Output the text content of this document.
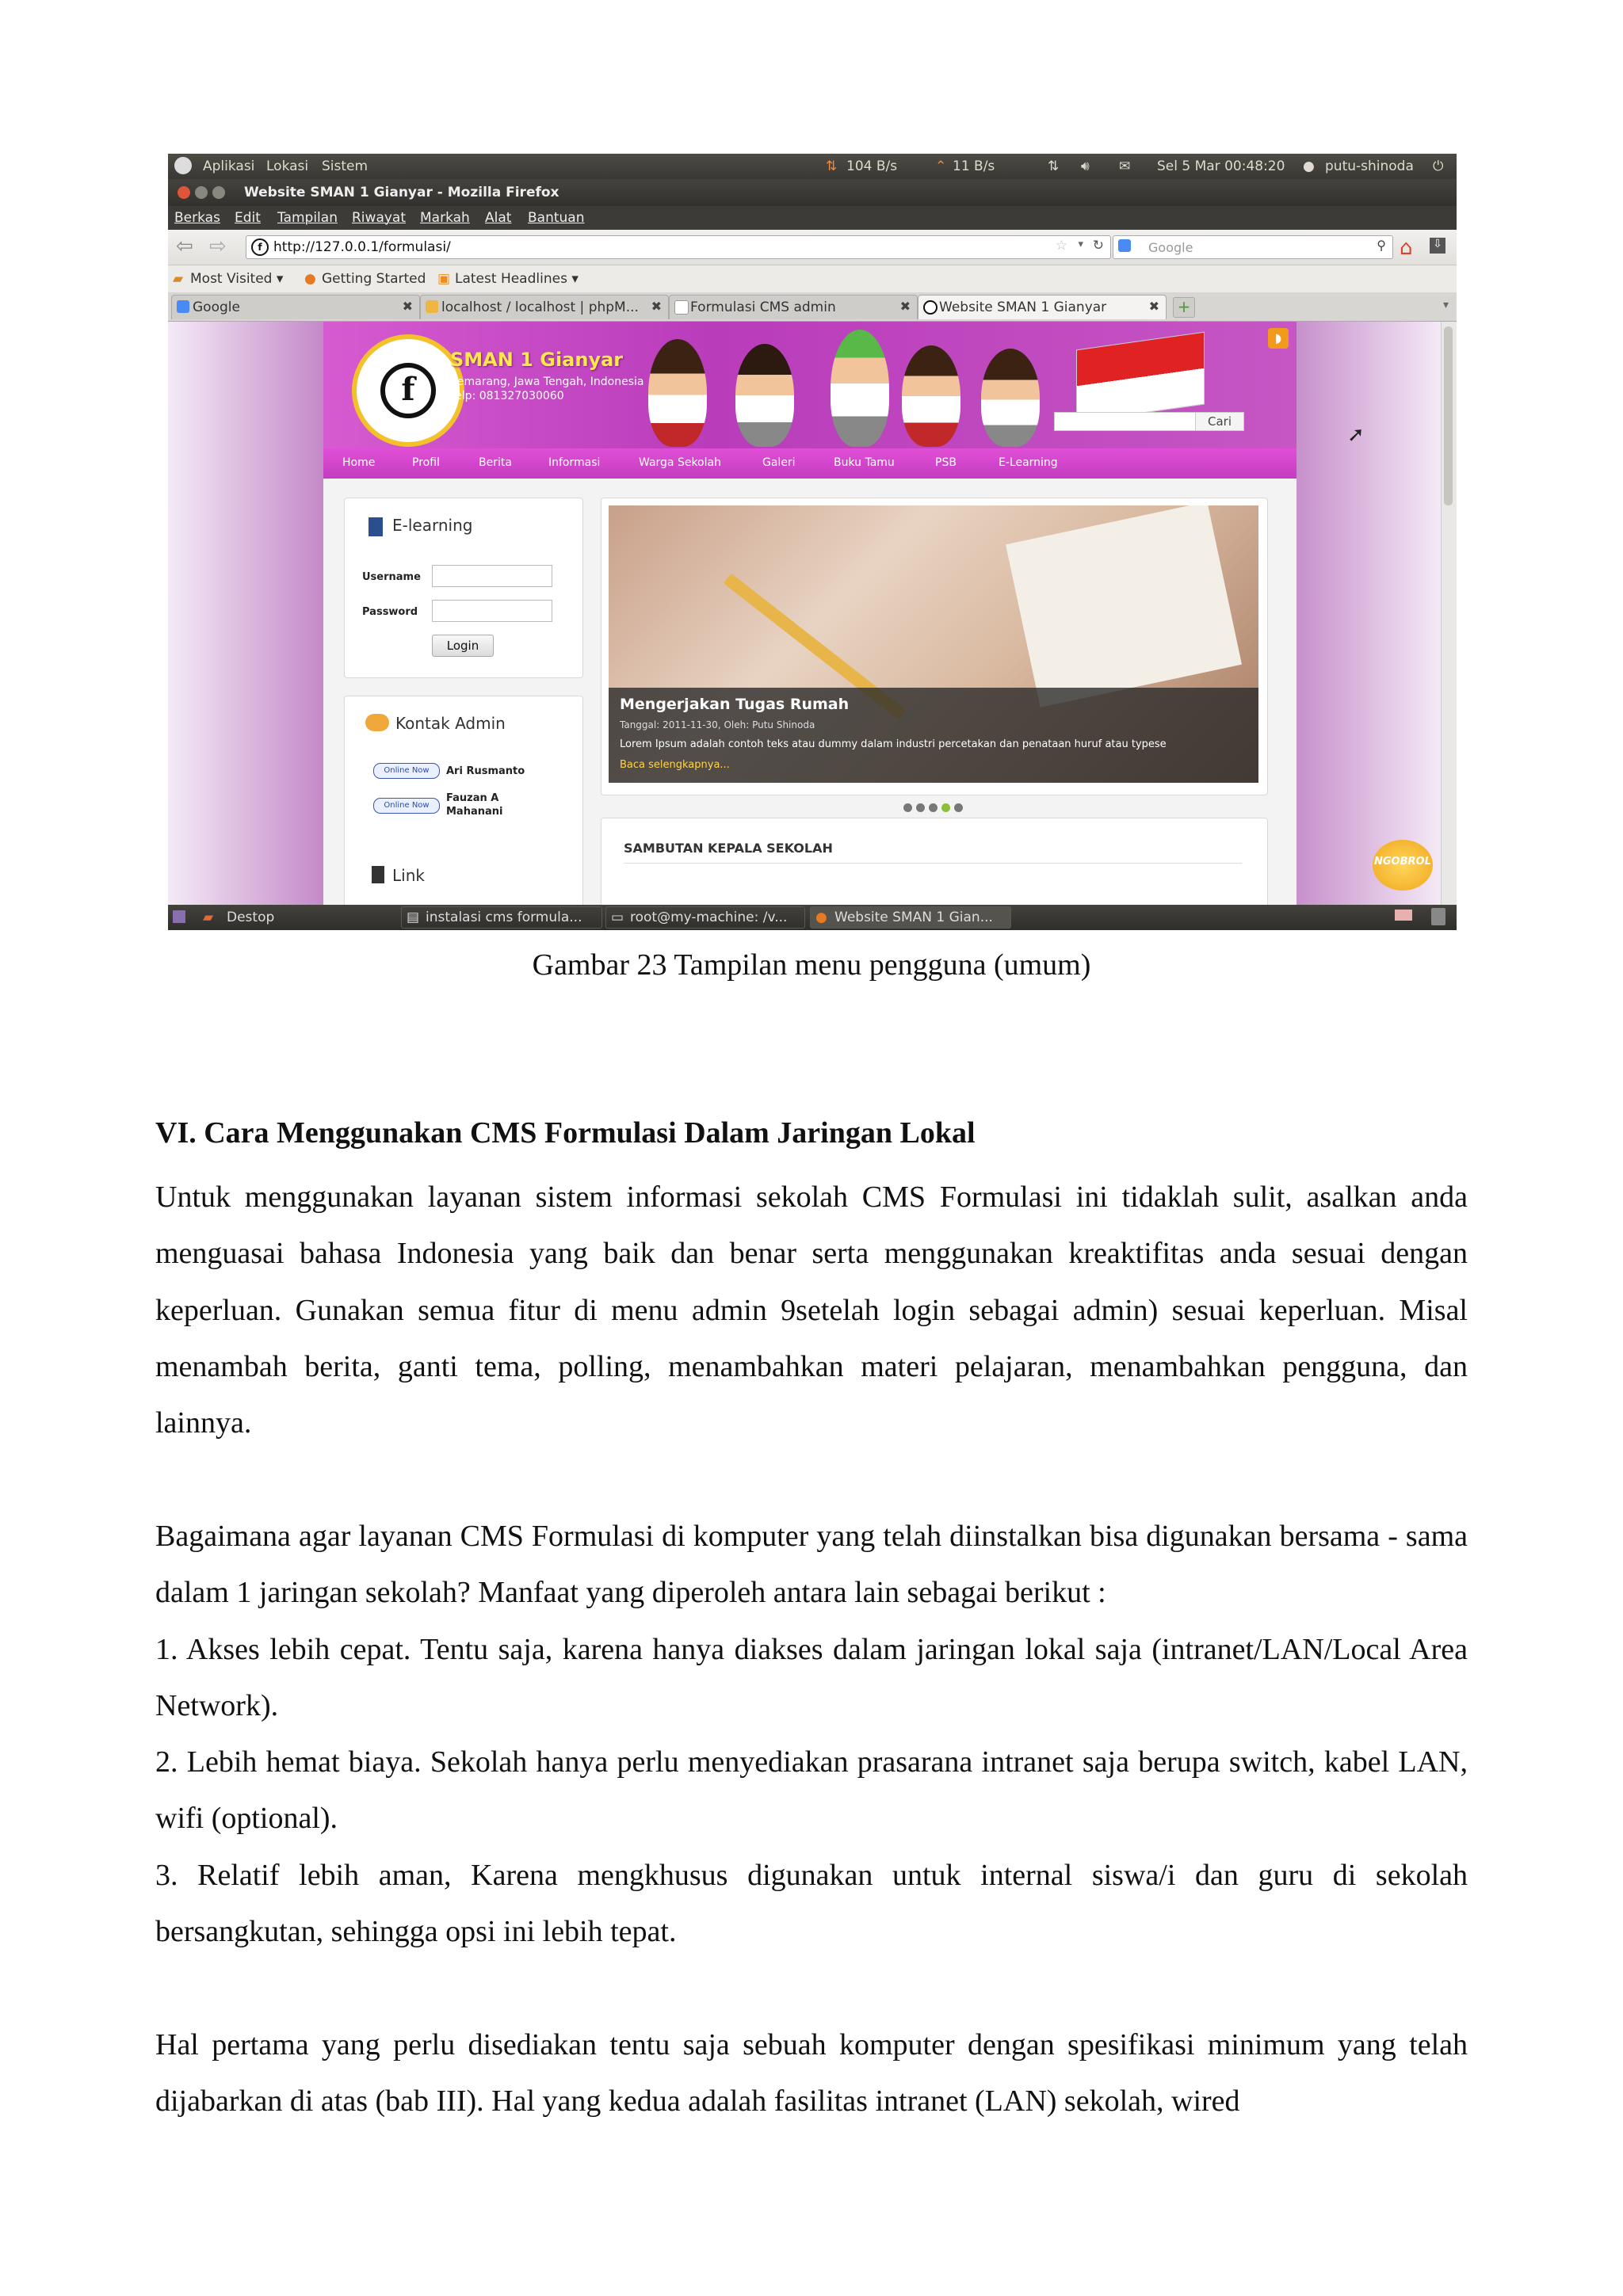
Aplikasi Lokasi Sistem	⇅ 104 B/s	⌃ 11 B/s	⇅ 🔊︎ ✉ Sel 5 Mar 00:48:20 ● putu-shinoda ⏻
Website SMAN 1 Gianyar - Mozilla Firefox
Berkas Edit Tampilan Riwayat Markah Alat Bantuan
⇦ ⇨	f http://127.0.0.1/formulasi/	☆ ▾ ↻	Google	⚲ ⌂ ⇩
▰ Most Visited ▾ ● Getting Started ▣ Latest Headlines ▾
Google	✖ localhost / localhost | phpM... ✖ Formulasi CMS admin	✖ Website SMAN 1 Gianyar	✖ +	▾
f
SMAN 1 Gianyar
Semarang, Jawa Tengah, Indonesia
Telp: 081327030060
◗
Cari
Home	Profil	Berita	Informasi	Warga Sekolah	Galeri	Buku Tamu	PSB	E-Learning
E-learning
Username
Password
Login
Kontak Admin
Online Now	Ari Rusmanto
Online Now
Fauzan A Mahanani
Link
Mengerjakan Tugas Rumah
Tanggal: 2011-11-30, Oleh: Putu Shinoda
Lorem Ipsum adalah contoh teks atau dummy dalam industri percetakan dan penataan huruf atau typese
Baca selengkapnya...
SAMBUTAN KEPALA SEKOLAH
NGOBROL
➚
▰ Destop	▤ instalasi cms formula... ▭ root@my-machine: /v... ● Website SMAN 1 Gian...
Gambar 23 Tampilan menu pengguna (umum)
VI. Cara Menggunakan CMS Formulasi Dalam Jaringan Lokal

Untuk menggunakan layanan sistem informasi sekolah CMS Formulasi ini tidaklah sulit, asalkan anda menguasai bahasa Indonesia yang baik dan benar serta menggunakan kreaktifitas anda sesuai dengan keperluan. Gunakan semua fitur di menu admin 9setelah login sebagai admin) sesuai keperluan. Misal menambah berita, ganti tema, polling, menambahkan materi pelajaran, menambahkan pengguna, dan lainnya.

Bagaimana agar layanan CMS Formulasi di komputer yang telah diinstalkan bisa digunakan bersama - sama dalam 1 jaringan sekolah? Manfaat yang diperoleh antara lain sebagai berikut :

1. Akses lebih cepat. Tentu saja, karena hanya diakses dalam jaringan lokal saja (intranet/LAN/Local Area Network).

2. Lebih hemat biaya. Sekolah hanya perlu menyediakan prasarana intranet saja berupa switch, kabel LAN, wifi (optional).

3. Relatif lebih aman, Karena mengkhusus digunakan untuk internal siswa/i dan guru di sekolah bersangkutan, sehingga opsi ini lebih tepat.

Hal pertama yang perlu disediakan tentu saja sebuah komputer dengan spesifikasi minimum yang telah dijabarkan di atas (bab III). Hal yang kedua adalah fasilitas intranet (LAN) sekolah, wired
